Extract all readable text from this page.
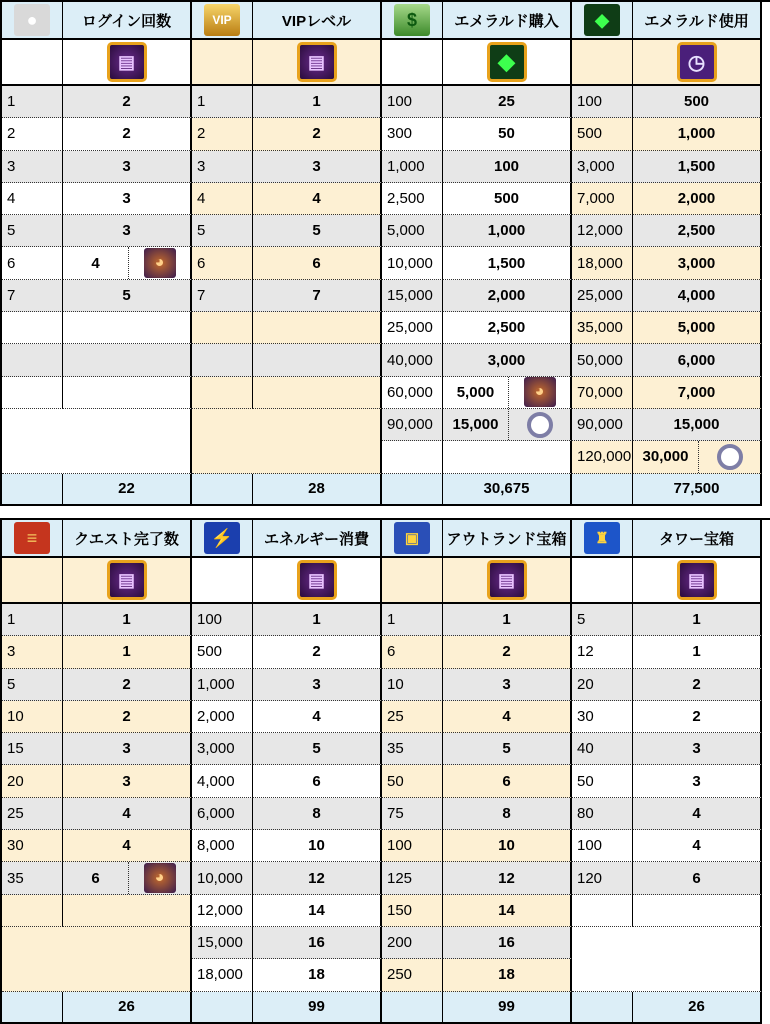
●	ログイン回数
▤
1	2
2	2
3	3
4	3
5	3
6	4	◕
7	5
22
VIP	VIPレベル
▤
1	1
2	2
3	3
4	4
5	5
6	6
7	7
28
$	エメラルド購入
◆
100	25
300	50
1,000	100
2,500	500
5,000	1,000
10,000	1,500
15,000	2,000
25,000	2,500
40,000	3,000
60,000	5,000	◕
90,000	15,000
30,675
◆	エメラルド使用
◷
100	500
500	1,000
3,000	1,500
7,000	2,000
12,000	2,500
18,000	3,000
25,000	4,000
35,000	5,000
50,000	6,000
70,000	7,000
90,000	15,000
120,000 30,000
77,500
≡	クエスト完了数
▤
1	1
3	1
5	2
10	2
15	3
20	3
25	4
30	4
35	6	◕
26
⚡	エネルギー消費
▤
100	1
500	2
1,000	3
2,000	4
3,000	5
4,000	6
6,000	8
8,000	10
10,000	12
12,000	14
15,000	16
18,000	18
99
▣	アウトランド宝箱
▤
1	1
6	2
10	3
25	4
35	5
50	6
75	8
100	10
125	12
150	14
200	16
250	18
99
♜	タワー宝箱
▤
5	1
12	1
20	2
30	2
40	3
50	3
80	4
100	4
120	6
26
